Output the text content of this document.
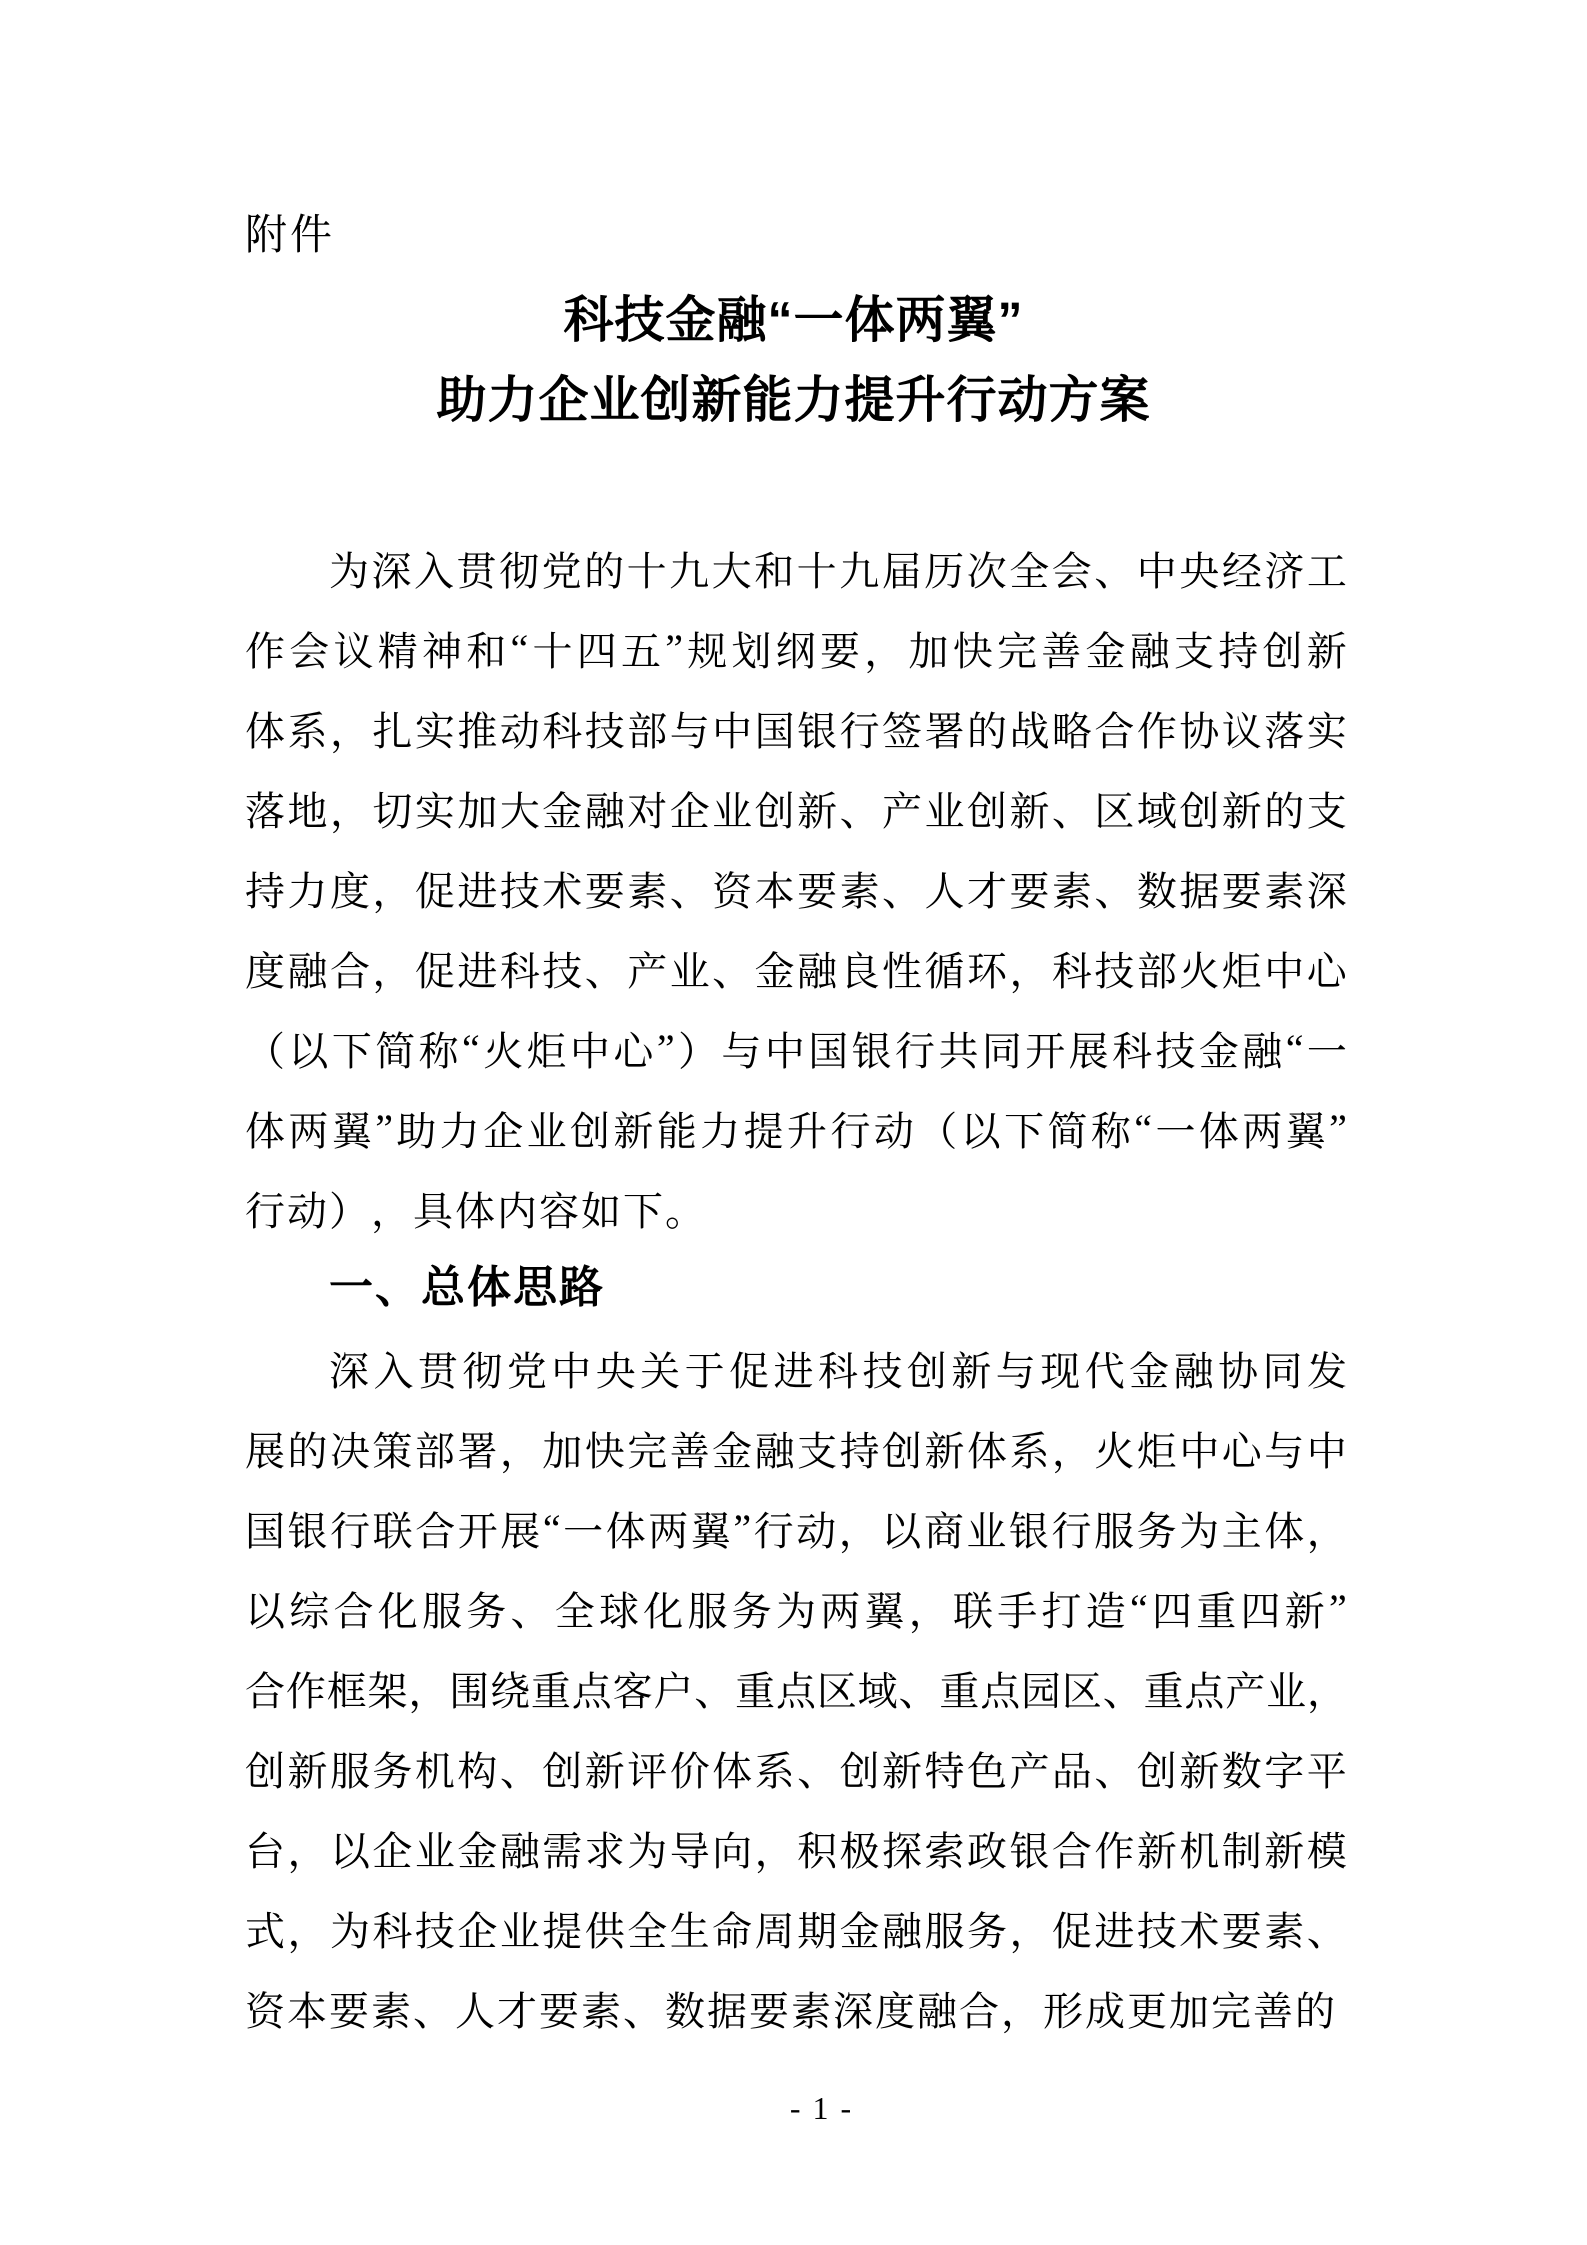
附件
科技金融“一体两翼”
助力企业创新能力提升行动方案
为 深 入 贯 彻 党 的 十 九 大 和 十 九 届 历 次 全 会 、 中 央 经 济 工
作 会 议 精 神 和 “ 十 四 五 ” 规 划 纲 要 ， 加 快 完 善 金 融 支 持 创 新
体 系 ， 扎 实 推 动 科 技 部 与 中 国 银 行 签 署 的 战 略 合 作 协 议 落 实
落 地 ， 切 实 加 大 金 融 对 企 业 创 新 、 产 业 创 新 、 区 域 创 新 的 支
持 力 度 ， 促 进 技 术 要 素 、 资 本 要 素 、 人 才 要 素 、 数 据 要 素 深
度 融 合 ， 促 进 科 技 、 产 业 、 金 融 良 性 循 环 ， 科 技 部 火 炬 中 心
（ 以 下 简 称 “ 火 炬 中 心 ” ） 与 中 国 银 行 共 同 开 展 科 技 金 融 “ 一
体 两 翼 ” 助 力 企 业 创 新 能 力 提 升 行 动 （ 以 下 简 称 “ 一 体 两 翼 ”
行 动 ） ， 具 体 内 容 如 下 。
一、总体思路
深 入 贯 彻 党 中 央 关 于 促 进 科 技 创 新 与 现 代 金 融 协 同 发
展 的 决 策 部 署 ， 加 快 完 善 金 融 支 持 创 新 体 系 ， 火 炬 中 心 与 中
国 银 行 联 合 开 展 “ 一 体 两 翼 ” 行 动 ， 以 商 业 银 行 服 务 为 主 体 ，
以 综 合 化 服 务 、 全 球 化 服 务 为 两 翼 ， 联 手 打 造 “ 四 重 四 新 ”
合 作 框 架 ， 围 绕 重 点 客 户 、 重 点 区 域 、 重 点 园 区 、 重 点 产 业 ，
创 新 服 务 机 构 、 创 新 评 价 体 系 、 创 新 特 色 产 品 、 创 新 数 字 平
台 ， 以 企 业 金 融 需 求 为 导 向 ， 积 极 探 索 政 银 合 作 新 机 制 新 模
式 ， 为 科 技 企 业 提 供 全 生 命 周 期 金 融 服 务 ， 促 进 技 术 要 素 、
资 本 要 素 、 人 才 要 素 、 数 据 要 素 深 度 融 合 ， 形 成 更 加 完 善 的
- 1 -
